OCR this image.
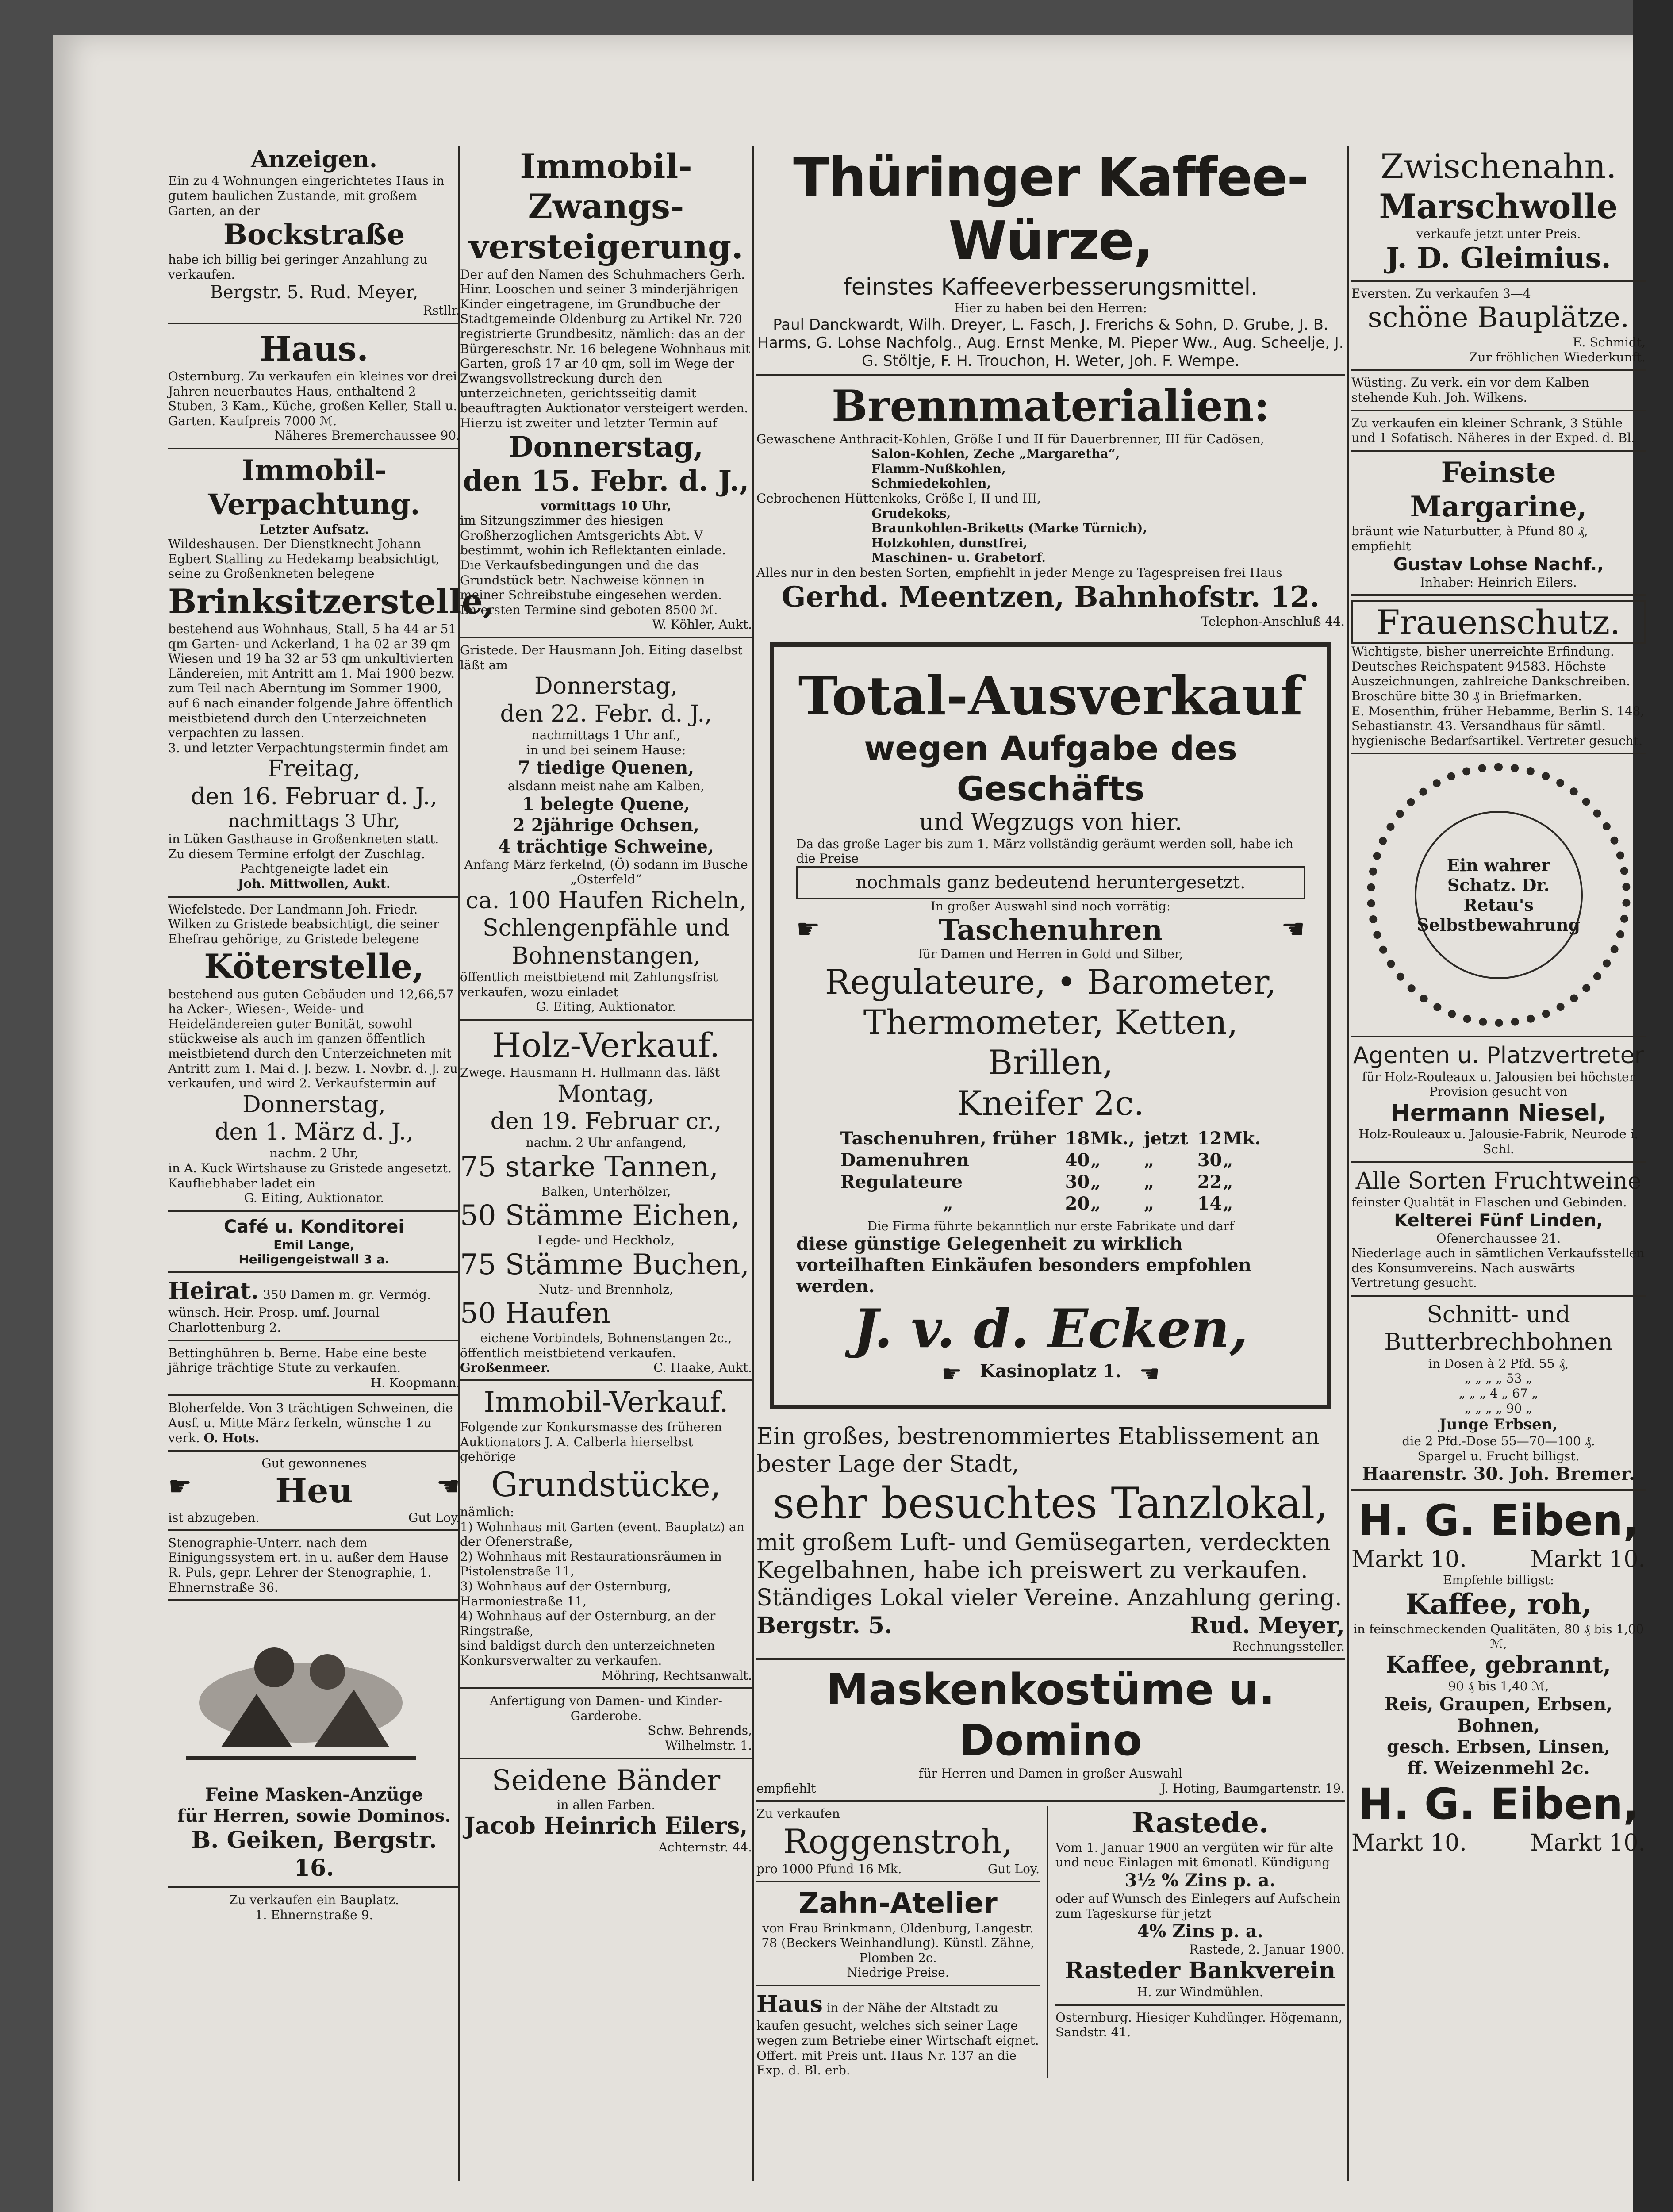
Anzeigen.

Ein zu 4 Wohnungen eingerichtetes Haus in gutem baulichen Zustande, mit großem Garten, an der

Bockstraße

habe ich billig bei geringer Anzahlung zu verkaufen.

Bergstr. 5. Rud. Meyer,

Rstllr.

Haus.

Osternburg. Zu verkaufen ein kleines vor drei Jahren neuerbautes Haus, enthaltend 2 Stuben, 3 Kam., Küche, großen Keller, Stall u. Garten. Kaufpreis 7000 ℳ.

Näheres Bremerchaussee 90.

Immobil-

Verpachtung.

Letzter Aufsatz.

Wildeshausen. Der Dienstknecht Johann Egbert Stalling zu Hedekamp beabsichtigt, seine zu Großenkneten belegene

Brinksitzerstelle,

bestehend aus Wohnhaus, Stall, 5 ha 44 ar 51 qm Garten- und Ackerland, 1 ha 02 ar 39 qm Wiesen und 19 ha 32 ar 53 qm unkultivierten Ländereien, mit Antritt am 1. Mai 1900 bezw. zum Teil nach Aberntung im Sommer 1900, auf 6 nach einander folgende Jahre öffentlich meistbietend durch den Unterzeichneten verpachten zu lassen.

3. und letzter Verpachtungstermin findet am

Freitag,

den 16. Februar d. J.,

nachmittags 3 Uhr,

in Lüken Gasthause in Großenkneten statt.

Zu diesem Termine erfolgt der Zuschlag.

Pachtgeneigte ladet ein

Joh. Mittwollen, Aukt.

Wiefelstede. Der Landmann Joh. Friedr. Wilken zu Gristede beabsichtigt, die seiner Ehefrau gehörige, zu Gristede belegene

Köterstelle,

bestehend aus guten Gebäuden und 12,66,57 ha Acker-, Wiesen-, Weide- und Heideländereien guter Bonität, sowohl stückweise als auch im ganzen öffentlich meistbietend durch den Unterzeichneten mit Antritt zum 1. Mai d. J. bezw. 1. Novbr. d. J. zu verkaufen, und wird 2. Verkaufstermin auf

Donnerstag,

den 1. März d. J.,

nachm. 2 Uhr,

in A. Kuck Wirtshause zu Gristede angesetzt.

Kaufliebhaber ladet ein

G. Eiting, Auktionator.

Café u. Konditorei

Emil Lange,

Heiligengeistwall 3 a.

Heirat. 350 Damen m. gr. Vermög. wünsch. Heir. Prosp. umf. Journal Charlottenburg 2.

Bettinghühren b. Berne. Habe eine beste jährige trächtige Stute zu verkaufen.

H. Koopmann.

Bloherfelde. Von 3 trächtigen Schweinen, die Ausf. u. Mitte März ferkeln, wünsche 1 zu verk. O. Hots.

Gut gewonnenes

☛ Heu	☚
ist abzugeben.	Gut Loy.

Stenographie-Unterr. nach dem Einigungssystem ert. in u. außer dem Hause R. Puls, gepr. Lehrer der Stenographie, 1. Ehnernstraße 36.

Feine Masken-Anzüge

für Herren, sowie Dominos.

B. Geiken, Bergstr. 16.

Zu verkaufen ein Bauplatz.

1. Ehnernstraße 9.

Immobil-

Zwangs-

versteigerung.

Der auf den Namen des Schuhmachers Gerh. Hinr. Looschen und seiner 3 minderjährigen Kinder eingetragene, im Grundbuche der Stadtgemeinde Oldenburg zu Artikel Nr. 720 registrierte Grundbesitz, nämlich: das an der Bürgereschstr. Nr. 16 belegene Wohnhaus mit Garten, groß 17 ar 40 qm, soll im Wege der Zwangsvollstreckung durch den unterzeichneten, gerichtsseitig damit beauftragten Auktionator versteigert werden.

Hierzu ist zweiter und letzter Termin auf

Donnerstag,

den 15. Febr. d. J.,

vormittags 10 Uhr,

im Sitzungszimmer des hiesigen Großherzoglichen Amtsgerichts Abt. V bestimmt, wohin ich Reflektanten einlade.

Die Verkaufsbedingungen und die das Grundstück betr. Nachweise können in meiner Schreibstube eingesehen werden.

Im ersten Termine sind geboten 8500 ℳ.

W. Köhler, Aukt.

Gristede. Der Hausmann Joh. Eiting daselbst läßt am

Donnerstag,

den 22. Febr. d. J.,

nachmittags 1 Uhr anf.,

in und bei seinem Hause:

7 tiedige Quenen,

alsdann meist nahe am Kalben,

1 belegte Quene,

2 2jährige Ochsen,

4 trächtige Schweine,

Anfang März ferkelnd, (Ö) sodann im Busche „Osterfeld“

ca. 100 Haufen Richeln,

Schlengenpfähle und

Bohnenstangen,

öffentlich meistbietend mit Zahlungsfrist verkaufen, wozu einladet

G. Eiting, Auktionator.

Holz-Verkauf.

Zwege. Hausmann H. Hullmann das. läßt

Montag,

den 19. Februar cr.,

nachm. 2 Uhr anfangend,

75 starke Tannen,

Balken, Unterhölzer,

50 Stämme Eichen,

Legde- und Heckholz,

75 Stämme Buchen,

Nutz- und Brennholz,

50 Haufen

eichene Vorbindels, Bohnenstangen 2c.,

öffentlich meistbietend verkaufen.

Großenmeer.	C. Haake, Aukt.

Immobil-Verkauf.

Folgende zur Konkursmasse des früheren Auktionators J. A. Calberla hierselbst gehörige

Grundstücke,

nämlich:

1) Wohnhaus mit Garten (event. Bauplatz) an der Ofenerstraße,

2) Wohnhaus mit Restaurationsräumen in Pistolenstraße 11,

3) Wohnhaus auf der Osternburg, Harmoniestraße 11,

4) Wohnhaus auf der Osternburg, an der Ringstraße,

sind baldigst durch den unterzeichneten Konkursverwalter zu verkaufen.

Möhring, Rechtsanwalt.

Anfertigung von Damen- und Kinder-Garderobe.

Schw. Behrends,

Wilhelmstr. 1.

Seidene Bänder

in allen Farben.

Jacob Heinrich Eilers,

Achternstr. 44.

Thüringer Kaffee-Würze,

feinstes Kaffeeverbesserungsmittel.

Hier zu haben bei den Herren:

Paul Danckwardt, Wilh. Dreyer, L. Fasch, J. Frerichs & Sohn, D. Grube, J. B. Harms, G. Lohse Nachfolg., Aug. Ernst Menke, M. Pieper Ww., Aug. Scheelje, J. G. Stöltje, F. H. Trouchon, H. Weter, Joh. F. Wempe.

Brennmaterialien:

Gewaschene Anthracit-Kohlen, Größe I und II für Dauerbrenner, III für Cadösen,

Salon-Kohlen, Zeche „Margaretha“,

Flamm-Nußkohlen,

Schmiedekohlen,

Gebrochenen Hüttenkoks, Größe I, II und III,

Grudekoks,

Braunkohlen-Briketts (Marke Türnich),

Holzkohlen, dunstfrei,

Maschinen- u. Grabetorf.

Alles nur in den besten Sorten, empfiehlt in jeder Menge zu Tagespreisen frei Haus

Gerhd. Meentzen, Bahnhofstr. 12.

Telephon-Anschluß 44.

Total-Ausverkauf

wegen Aufgabe des Geschäfts

und Wegzugs von hier.

Da das große Lager bis zum 1. März vollständig geräumt werden soll, habe ich die Preise

nochmals ganz bedeutend heruntergesetzt.

In großer Auswahl sind noch vorrätig:

☛	Taschenuhren	☚

für Damen und Herren in Gold und Silber,

Regulateure, • Barometer,

Thermometer, Ketten, Brillen,

Kneifer 2c.

Taschenuhren, früher	18	Mk.,	jetzt	12	Mk.
Damenuhren	40	„	„	30	„
Regulateure	30	„	„	22	„
„	20	„	„	14	„

Die Firma führte bekanntlich nur erste Fabrikate und darf

diese günstige Gelegenheit zu wirklich vorteilhaften Einkäufen besonders empfohlen werden.

J. v. d. Ecken,

☛ Kasinoplatz 1. ☚

Ein großes, bestrenommiertes Etablissement an bester Lage der Stadt,

sehr besuchtes Tanzlokal,

mit großem Luft- und Gemüsegarten, verdeckten Kegelbahnen, habe ich preiswert zu verkaufen. Ständiges Lokal vieler Vereine. Anzahlung gering.

Bergstr. 5.	Rud. Meyer,

Rechnungssteller.

Maskenkostüme u. Domino

für Herren und Damen in großer Auswahl

empfiehlt	J. Hoting, Baumgartenstr. 19.

Zu verkaufen

Roggenstroh,

pro 1000 Pfund 16 Mk.	Gut Loy.

Zahn-Atelier

von Frau Brinkmann, Oldenburg, Langestr. 78 (Beckers Weinhandlung). Künstl. Zähne, Plomben 2c.

Niedrige Preise.

Haus in der Nähe der Altstadt zu kaufen gesucht, welches sich seiner Lage wegen zum Betriebe einer Wirtschaft eignet. Offert. mit Preis unt. Haus Nr. 137 an die Exp. d. Bl. erb.

Rastede.

Vom 1. Januar 1900 an vergüten wir für alte und neue Einlagen mit 6monatl. Kündigung

3½ % Zins p. a.

oder auf Wunsch des Einlegers auf Aufschein zum Tageskurse für jetzt

4% Zins p. a.

Rastede, 2. Januar 1900.

Rasteder Bankverein

H. zur Windmühlen.

Osternburg. Hiesiger Kuhdünger. Högemann, Sandstr. 41.

Zwischenahn.

Marschwolle

verkaufe jetzt unter Preis.

J. D. Gleimius.

Eversten. Zu verkaufen 3—4

schöne Bauplätze.

E. Schmidt,

Zur fröhlichen Wiederkunft.

Wüsting. Zu verk. ein vor dem Kalben stehende Kuh. Joh. Wilkens.

Zu verkaufen ein kleiner Schrank, 3 Stühle und 1 Sofatisch. Näheres in der Exped. d. Bl.

Feinste Margarine,

bräunt wie Naturbutter, à Pfund 80 ₰, empfiehlt

Gustav Lohse Nachf.,

Inhaber: Heinrich Eilers.

Frauenschutz.

Wichtigste, bisher unerreichte Erfindung. Deutsches Reichspatent 94583. Höchste Auszeichnungen, zahlreiche Dankschreiben. Broschüre bitte 30 ₰ in Briefmarken.

E. Mosenthin, früher Hebamme, Berlin S. 148, Sebastianstr. 43. Versandhaus für sämtl. hygienische Bedarfsartikel. Vertreter gesucht.

Ein wahrer Schatz. Dr. Retau's Selbstbewahrung

Agenten u. Platzvertreter

für Holz-Rouleaux u. Jalousien bei höchster Provision gesucht von

Hermann Niesel,

Holz-Rouleaux u. Jalousie-Fabrik, Neurode i. Schl.

Alle Sorten Fruchtweine

feinster Qualität in Flaschen und Gebinden.

Kelterei Fünf Linden,

Ofenerchaussee 21.

Niederlage auch in sämtlichen Verkaufsstellen des Konsumvereins. Nach auswärts Vertretung gesucht.

Schnitt- und Butterbrechbohnen

in Dosen à 2 Pfd. 55 ₰,

„ „ „ „ 53 „

„ „ „ 4 „ 67 „

„ „ „ „ 90 „

Junge Erbsen,

die 2 Pfd.-Dose 55—70—100 ₰.

Spargel u. Frucht billigst.

Haarenstr. 30. Joh. Bremer.

H. G. Eiben,

Markt 10.	Markt 10.

Empfehle billigst:

Kaffee, roh,

in feinschmeckenden Qualitäten, 80 ₰ bis 1,00 ℳ,

Kaffee, gebrannt,

90 ₰ bis 1,40 ℳ,

Reis, Graupen, Erbsen, Bohnen,

gesch. Erbsen, Linsen,

ff. Weizenmehl 2c.

H. G. Eiben,

Markt 10.	Markt 10.
